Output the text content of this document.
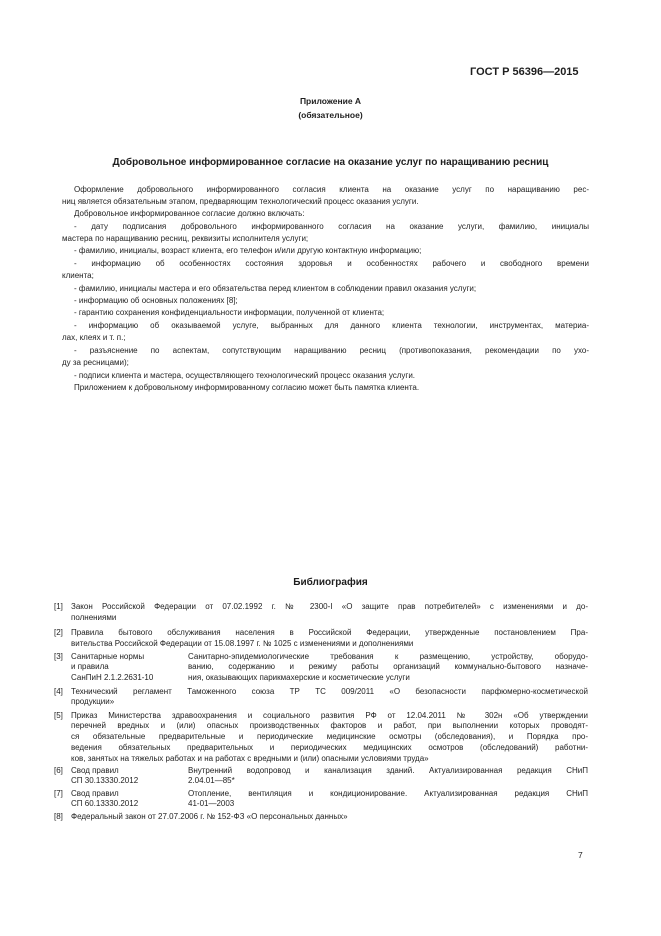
ГОСТ Р 56396—2015
Приложение А
(обязательное)
Добровольное информированное согласие на оказание услуг по наращиванию ресниц
Оформление добровольного информированного согласия клиента на оказание услуг по наращиванию рес-
ниц является обязательным этапом, предваряющим технологический процесс оказания услуги.
Добровольное информированное согласие должно включать:
- дату подписания добровольного информированного согласия на оказание услуги, фамилию, инициалы
мастера по наращиванию ресниц, реквизиты исполнителя услуги;
- фамилию, инициалы, возраст клиента, его телефон и/или другую контактную информацию;
- информацию об особенностях состояния здоровья и особенностях рабочего и свободного времени
клиента;
- фамилию, инициалы мастера и его обязательства перед клиентом в соблюдении правил оказания услуги;
- информацию об основных положениях [8];
- гарантию сохранения конфиденциальности информации, полученной от клиента;
- информацию об оказываемой услуге, выбранных для данного клиента технологии, инструментах, материа-
лах, клеях и т. п.;
- разъяснение по аспектам, сопутствующим наращиванию ресниц (противопоказания, рекомендации по ухо-
ду за ресницами);
- подписи клиента и мастера, осуществляющего технологический процесс оказания услуги.
Приложением к добровольному информированному согласию может быть памятка клиента.
Библиография
[1] Закон Российской Федерации от 07.02.1992 г. № 2300-I «О защите прав потребителей» с изменениями и до-
полнениями
[2] Правила бытового обслуживания населения в Российской Федерации, утвержденные постановлением Пра-
вительства Российской Федерации от 15.08.1997 г. № 1025 с изменениями и дополнениями
[3] Санитарные нормы
и правила
СанПиН 2.1.2.2631-10
Санитарно-эпидемиологические требования к размещению, устройству, оборудо-
ванию, содержанию и режиму работы организаций коммунально-бытового назначе-
ния, оказывающих парикмахерские и косметические услуги
[4] Технический регламент Таможенного союза ТР ТС 009/2011 «О безопасности парфюмерно-косметической
продукции»
[5] Приказ Министерства здравоохранения и социального развития РФ от 12.04.2011 № 302н «Об утверждении
перечней вредных и (или) опасных производственных факторов и работ, при выполнении которых проводят-
ся обязательные предварительные и периодические медицинские осмотры (обследования), и Порядка про-
ведения обязательных предварительных и периодических медицинских осмотров (обследований) работни-
ков, занятых на тяжелых работах и на работах с вредными и (или) опасными условиями труда»
[6] Свод правил
СП 30.13330.2012
Внутренний водопровод и канализация зданий. Актуализированная редакция СНиП
2.04.01—85*
[7] Свод правил
СП 60.13330.2012
Отопление, вентиляция и кондиционирование. Актуализированная редакция СНиП
41-01—2003
[8] Федеральный закон от 27.07.2006 г. № 152-ФЗ «О персональных данных»
7
